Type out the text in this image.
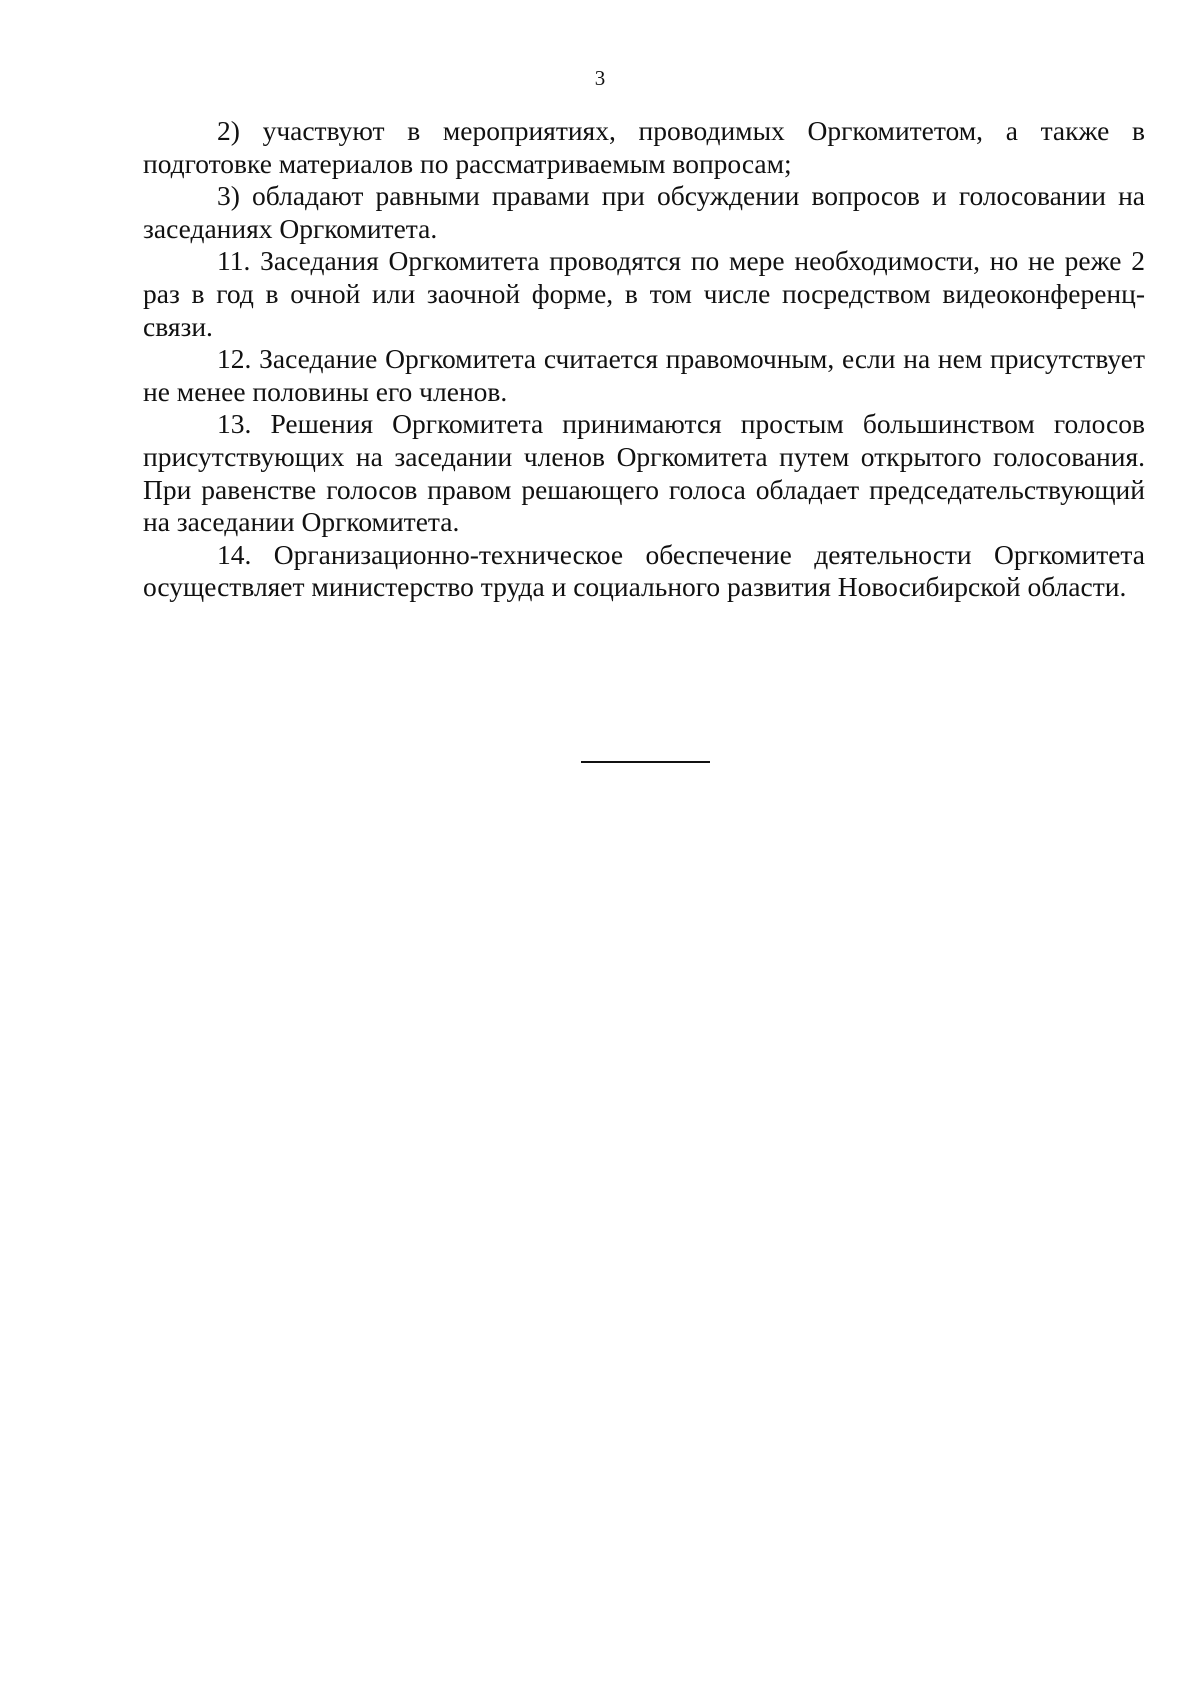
3

2) участвуют в мероприятиях, проводимых Оргкомитетом, а также в подготовке материалов по рассматриваемым вопросам;

3) обладают равными правами при обсуждении вопросов и голосовании на заседаниях Оргкомитета.

11. Заседания Оргкомитета проводятся по мере необходимости, но не реже 2 раз в год в очной или заочной форме, в том числе посредством видеоконференц-связи.

12. Заседание Оргкомитета считается правомочным, если на нем присутствует не менее половины его членов.

13. Решения Оргкомитета принимаются простым большинством голосов присутствующих на заседании членов Оргкомитета путем открытого голосования. При равенстве голосов правом решающего голоса обладает председательствующий на заседании Оргкомитета.

14. Организационно-техническое обеспечение деятельности Оргкомитета осуществляет министерство труда и социального развития Новосибирской области.
